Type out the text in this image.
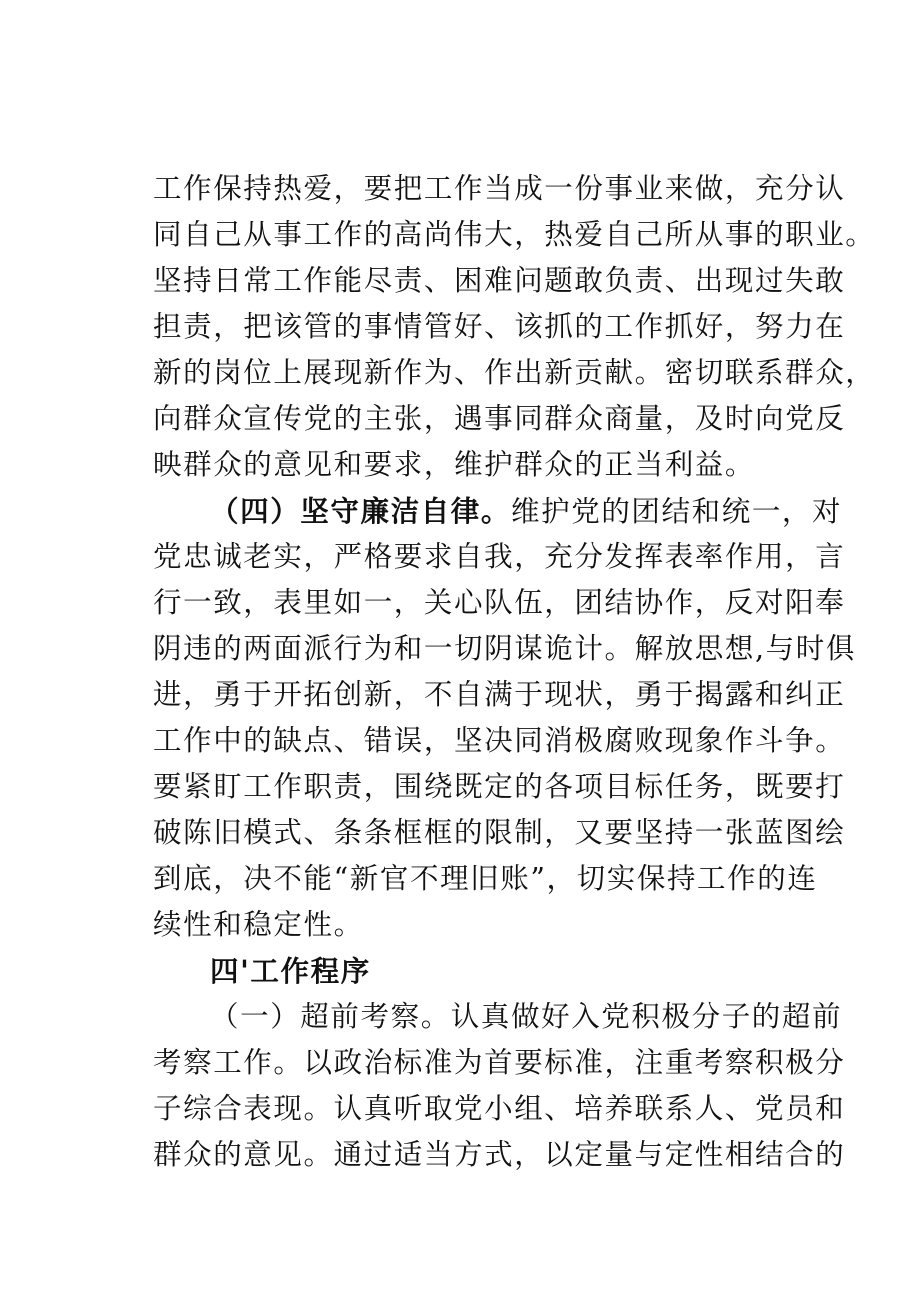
工作保持热爱，要把工作当成一份事业来做，充分认
同自己从事工作的高尚伟大，热爱自己所从事的职业。
坚持日常工作能尽责、困难问题敢负责、出现过失敢
担责，把该管的事情管好、该抓的工作抓好，努力在
新的岗位上展现新作为、作出新贡献。密切联系群众，
向群众宣传党的主张，遇事同群众商量，及时向党反
映群众的意见和要求，维护群众的正当利益。
（四）坚守廉洁自律。维护党的团结和统一，对
党忠诚老实，严格要求自我，充分发挥表率作用，言
行一致，表里如一，关心队伍，团结协作，反对阳奉
阴违的两面派行为和一切阴谋诡计。解放思想,与时俱
进，勇于开拓创新，不自满于现状，勇于揭露和纠正
工作中的缺点、错误，坚决同消极腐败现象作斗争。
要紧盯工作职责，围绕既定的各项目标任务，既要打
破陈旧模式、条条框框的限制，又要坚持一张蓝图绘
到底，决不能“新官不理旧账”，切实保持工作的连
续性和稳定性。
四'工作程序
（一）超前考察。认真做好入党积极分子的超前
考察工作。以政治标准为首要标准，注重考察积极分
子综合表现。认真听取党小组、培养联系人、党员和
群众的意见。通过适当方式，以定量与定性相结合的
